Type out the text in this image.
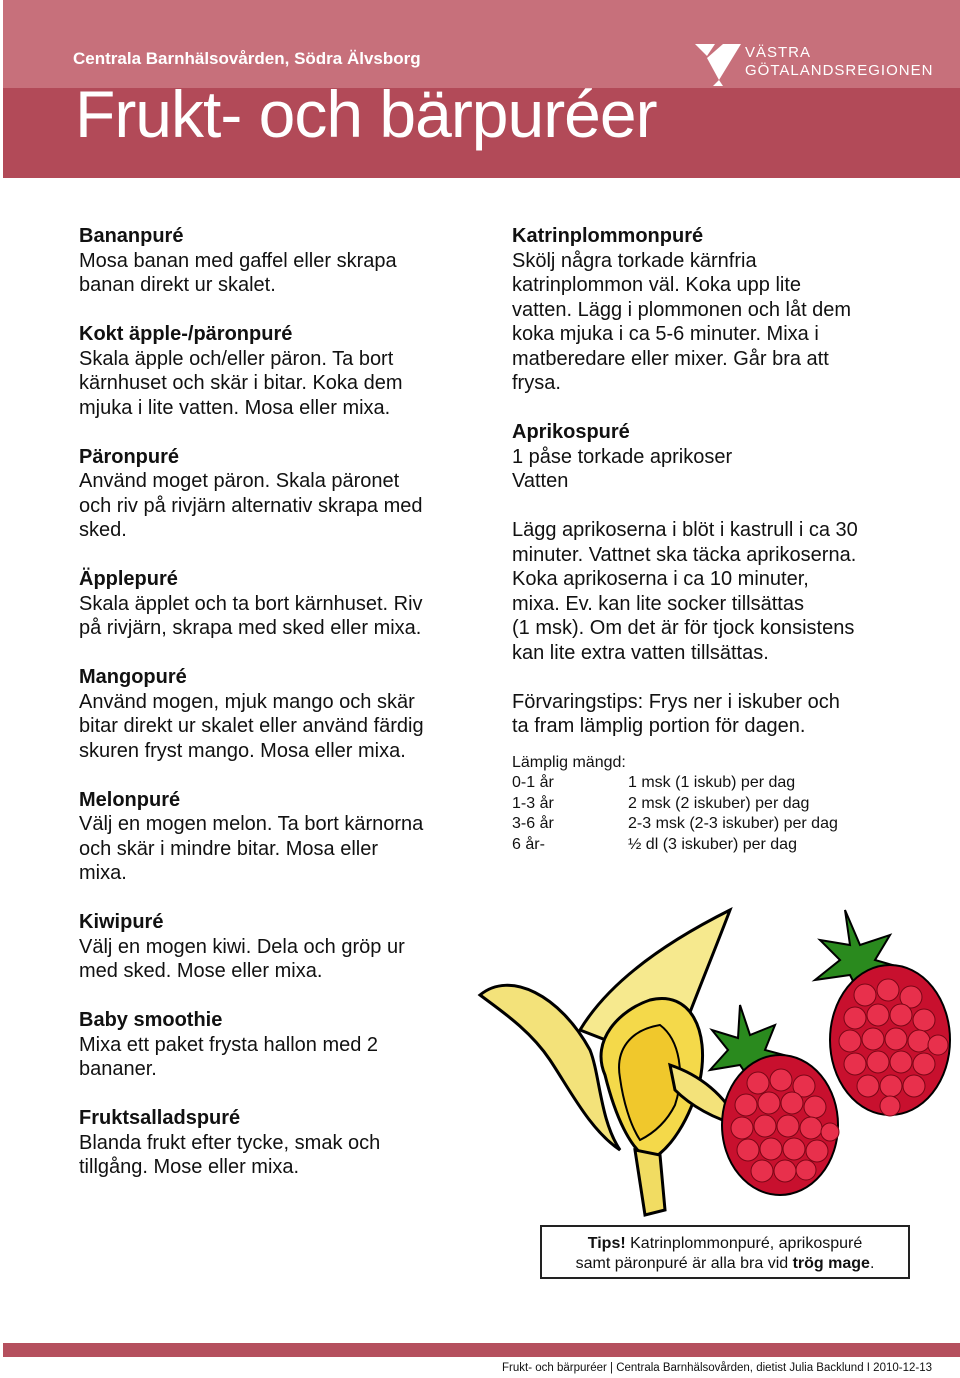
Centrala Barnhälsovården, Södra Älvsborg
Frukt- och bärpuréer
VÄSTRA
GÖTALANDSREGIONEN
Bananpuré
Mosa banan med gaffel eller skrapa
banan direkt ur skalet.
Kokt äpple-/päronpuré
Skala äpple och/eller päron. Ta bort
kärnhuset och skär i bitar. Koka dem
mjuka i lite vatten. Mosa eller mixa.
Päronpuré
Använd moget päron. Skala päronet
och riv på rivjärn alternativ skrapa med
sked.
Äpplepuré
Skala äpplet och ta bort kärnhuset. Riv
på rivjärn, skrapa med sked eller mixa.
Mangopuré
Använd mogen, mjuk mango och skär
bitar direkt ur skalet eller använd färdig
skuren fryst mango. Mosa eller mixa.
Melonpuré
Välj en mogen melon. Ta bort kärnorna
och skär i mindre bitar. Mosa eller
mixa.
Kiwipuré
Välj en mogen kiwi. Dela och gröp ur
med sked. Mose eller mixa.
Baby smoothie
Mixa ett paket frysta hallon med 2
bananer.
Fruktsalladspuré
Blanda frukt efter tycke, smak och
tillgång. Mose eller mixa.
Katrinplommonpuré
Skölj några torkade kärnfria
katrinplommon väl. Koka upp lite
vatten. Lägg i plommonen och låt dem
koka mjuka i ca 5-6 minuter. Mixa i
matberedare eller mixer. Går bra att
frysa.
Aprikospuré
1 påse torkade aprikoser
Vatten
Lägg aprikoserna i blöt i kastrull i ca 30
minuter. Vattnet ska täcka aprikoserna.
Koka aprikoserna i ca 10 minuter,
mixa. Ev. kan lite socker tillsättas
(1 msk). Om det är för tjock konsistens
kan lite extra vatten tillsättas.
Förvaringstips: Frys ner i iskuber och
ta fram lämplig portion för dagen.
Lämplig mängd:
0-1 år	1 msk (1 iskub) per dag
1-3 år	2 msk (2 iskuber) per dag
3-6 år	2-3 msk (2-3 iskuber) per dag
6 år-	½ dl (3 iskuber) per dag
Tips! Katrinplommonpuré, aprikospuré
samt päronpuré är alla bra vid trög mage.
Frukt- och bärpuréer | Centrala Barnhälsovården, dietist Julia Backlund I 2010-12-13
